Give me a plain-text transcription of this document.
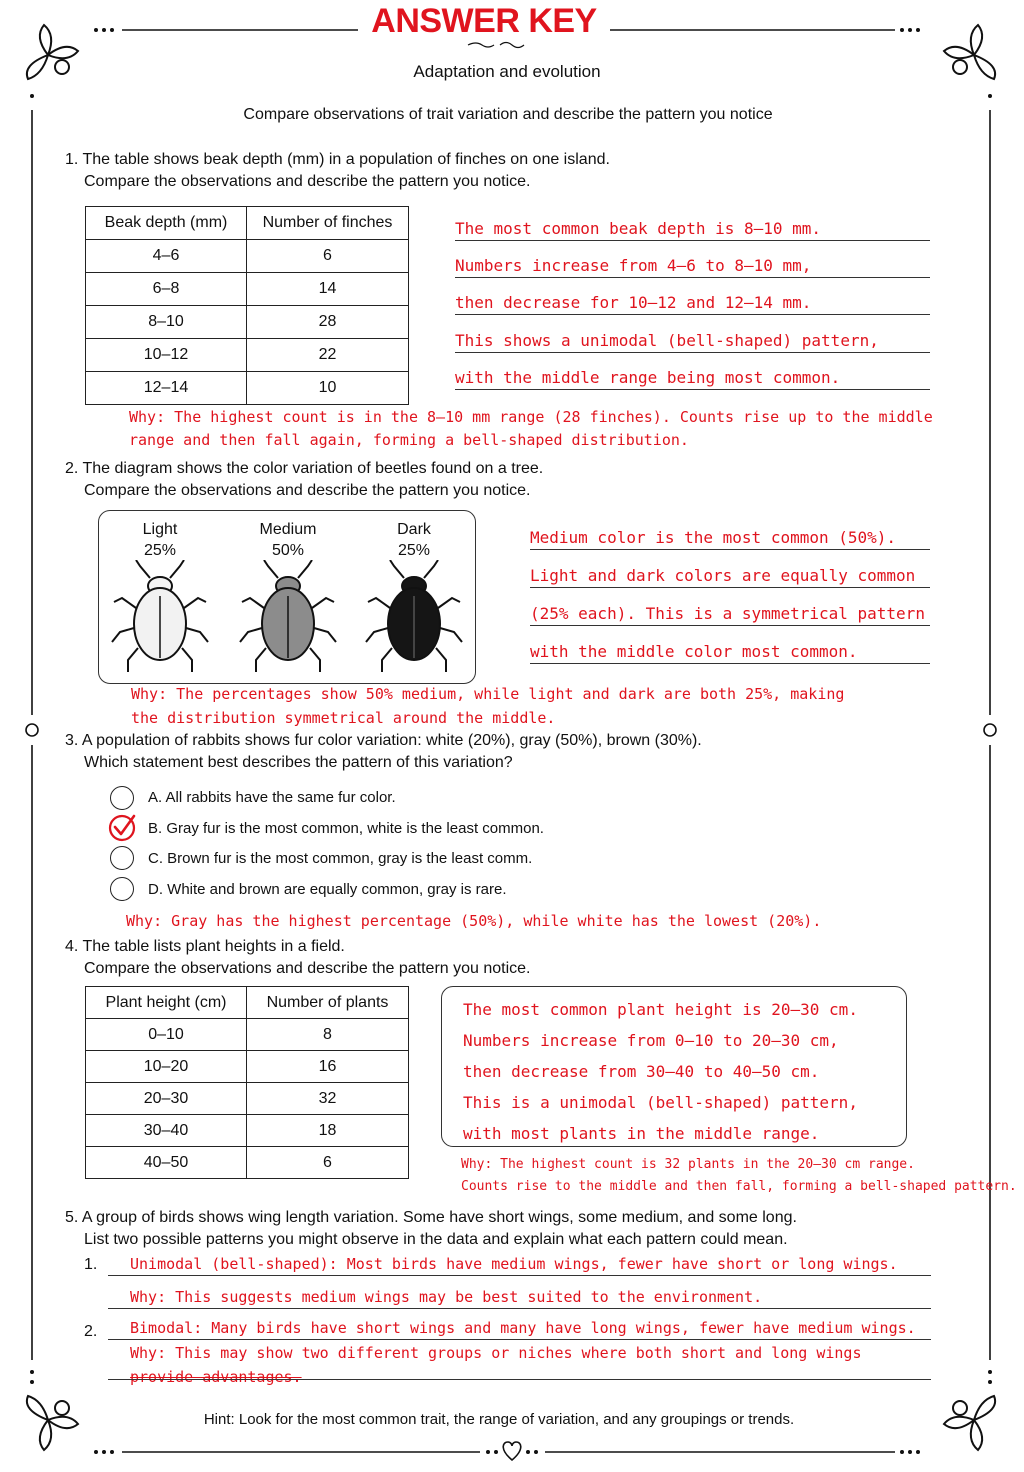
ANSWER KEY
Adaptation and evolution
Compare observations of trait variation and describe the pattern you notice
1. The table shows beak depth (mm) in a population of finches on one island.
Compare the observations and describe the pattern you notice.
Beak depth (mm)	Number of finches
4–6	6
6–8	14
8–10	28
10–12	22
12–14	10
The most common beak depth is 8–10 mm.
Numbers increase from 4–6 to 8–10 mm,
then decrease for 10–12 and 12–14 mm.
This shows a unimodal (bell-shaped) pattern,
with the middle range being most common.
Why: The highest count is in the 8–10 mm range (28 finches). Counts rise up to the middle
range and then fall again, forming a bell-shaped distribution.
2. The diagram shows the color variation of beetles found on a tree.
Compare the observations and describe the pattern you notice.
Light
25%
Medium
50%
Dark
25%
Medium color is the most common (50%).
Light and dark colors are equally common
(25% each). This is a symmetrical pattern
with the middle color most common.
Why: The percentages show 50% medium, while light and dark are both 25%, making
the distribution symmetrical around the middle.
3. A population of rabbits shows fur color variation: white (20%), gray (50%), brown (30%).
Which statement best describes the pattern of this variation?
A. All rabbits have the same fur color.
B. Gray fur is the most common, white is the least common.
C. Brown fur is the most common, gray is the least comm.
D. White and brown are equally common, gray is rare.
Why: Gray has the highest percentage (50%), while white has the lowest (20%).
4. The table lists plant heights in a field.
Compare the observations and describe the pattern you notice.
Plant height (cm)	Number of plants
0–10	8
10–20	16
20–30	32
30–40	18
40–50	6
The most common plant height is 20–30 cm.
Numbers increase from 0–10 to 20–30 cm,
then decrease from 30–40 to 40–50 cm.
This is a unimodal (bell-shaped) pattern,
with most plants in the middle range.
Why: The highest count is 32 plants in the 20–30 cm range.
Counts rise to the middle and then fall, forming a bell-shaped pattern.
5. A group of birds shows wing length variation. Some have short wings, some medium, and some long.
List two possible patterns you might observe in the data and explain what each pattern could mean.
1.	Unimodal (bell-shaped): Most birds have medium wings, fewer have short or long wings.
Why: This suggests medium wings may be best suited to the environment.
2.	Bimodal: Many birds have short wings and many have long wings, fewer have medium wings.
Why: This may show two different groups or niches where both short and long wings
provide advantages.
Hint: Look for the most common trait, the range of variation, and any groupings or trends.
